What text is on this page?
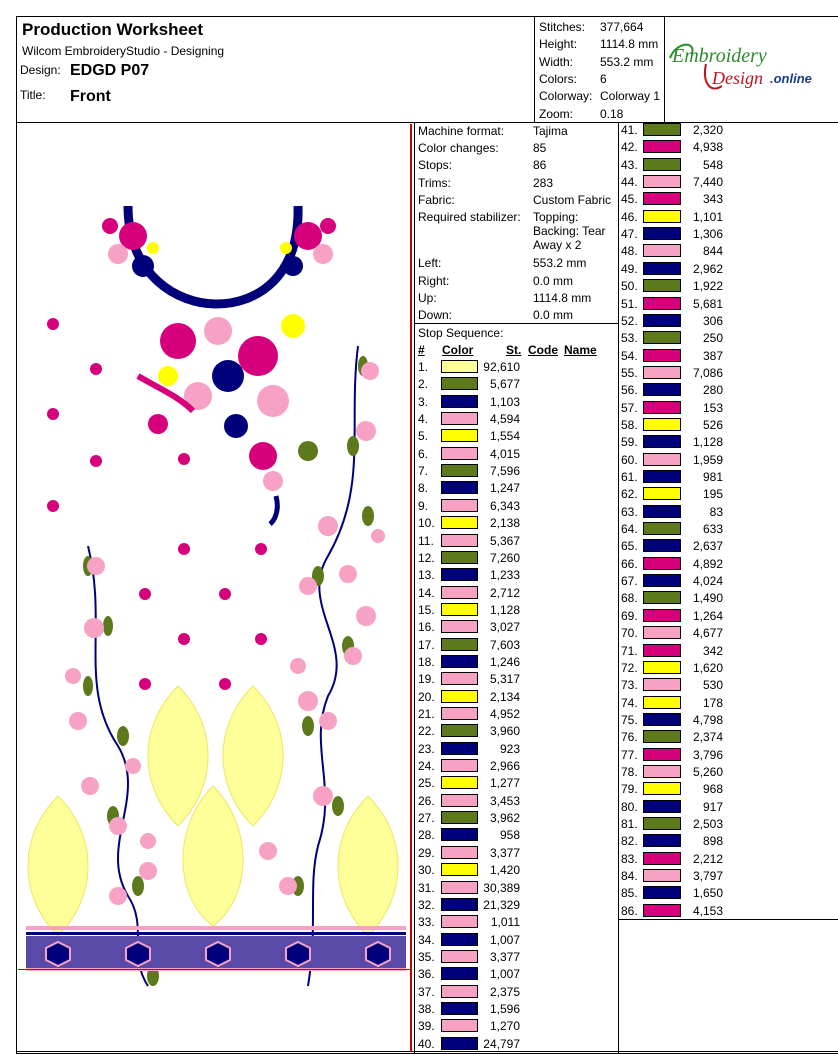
Production Worksheet
Wilcom EmbroideryStudio - Designing
Design: EDGD P07
Title: Front
Stitches: 377,664
Height: 1114.8 mm
Width: 553.2 mm
Colors: 6
Colorway: Colorway 1
Zoom: 0.18
Embroidery
Design .online
Machine format: Tajima
Color changes:	85
Stops:	86
Trims:	283
Fabric:	Custom Fabric
Required stabilizer: Topping:
Backing: Tear
Away x 2
Left:	553.2 mm
Right:	0.0 mm
Up:	1114.8 mm
Down:	0.0 mm
Stop Sequence:
# Color	St. Code Name
1.	92,610
2.	5,677
3.	1,103
4.	4,594
5.	1,554
6.	4,015
7.	7,596
8.	1,247
9.	6,343
10.	2,138
11.	5,367
12.	7,260
13.	1,233
14.	2,712
15.	1,128
16.	3,027
17.	7,603
18.	1,246
19.	5,317
20.	2,134
21.	4,952
22.	3,960
23.	923
24.	2,966
25.	1,277
26.	3,453
27.	3,962
28.	958
29.	3,377
30.	1,420
31.	30,389
32.	21,329
33.	1,011
34.	1,007
35.	3,377
36.	1,007
37.	2,375
38.	1,596
39.	1,270
40.	24,797
41.	2,320
42.	4,938
43.	548
44.	7,440
45.	343
46.	1,101
47.	1,306
48.	844
49.	2,962
50.	1,922
51.	5,681
52.	306
53.	250
54.	387
55.	7,086
56.	280
57.	153
58.	526
59.	1,128
60.	1,959
61.	981
62.	195
63.	83
64.	633
65.	2,637
66.	4,892
67.	4,024
68.	1,490
69.	1,264
70.	4,677
71.	342
72.	1,620
73.	530
74.	178
75.	4,798
76.	2,374
77.	3,796
78.	5,260
79.	968
80.	917
81.	2,503
82.	898
83.	2,212
84.	3,797
85.	1,650
86.	4,153
